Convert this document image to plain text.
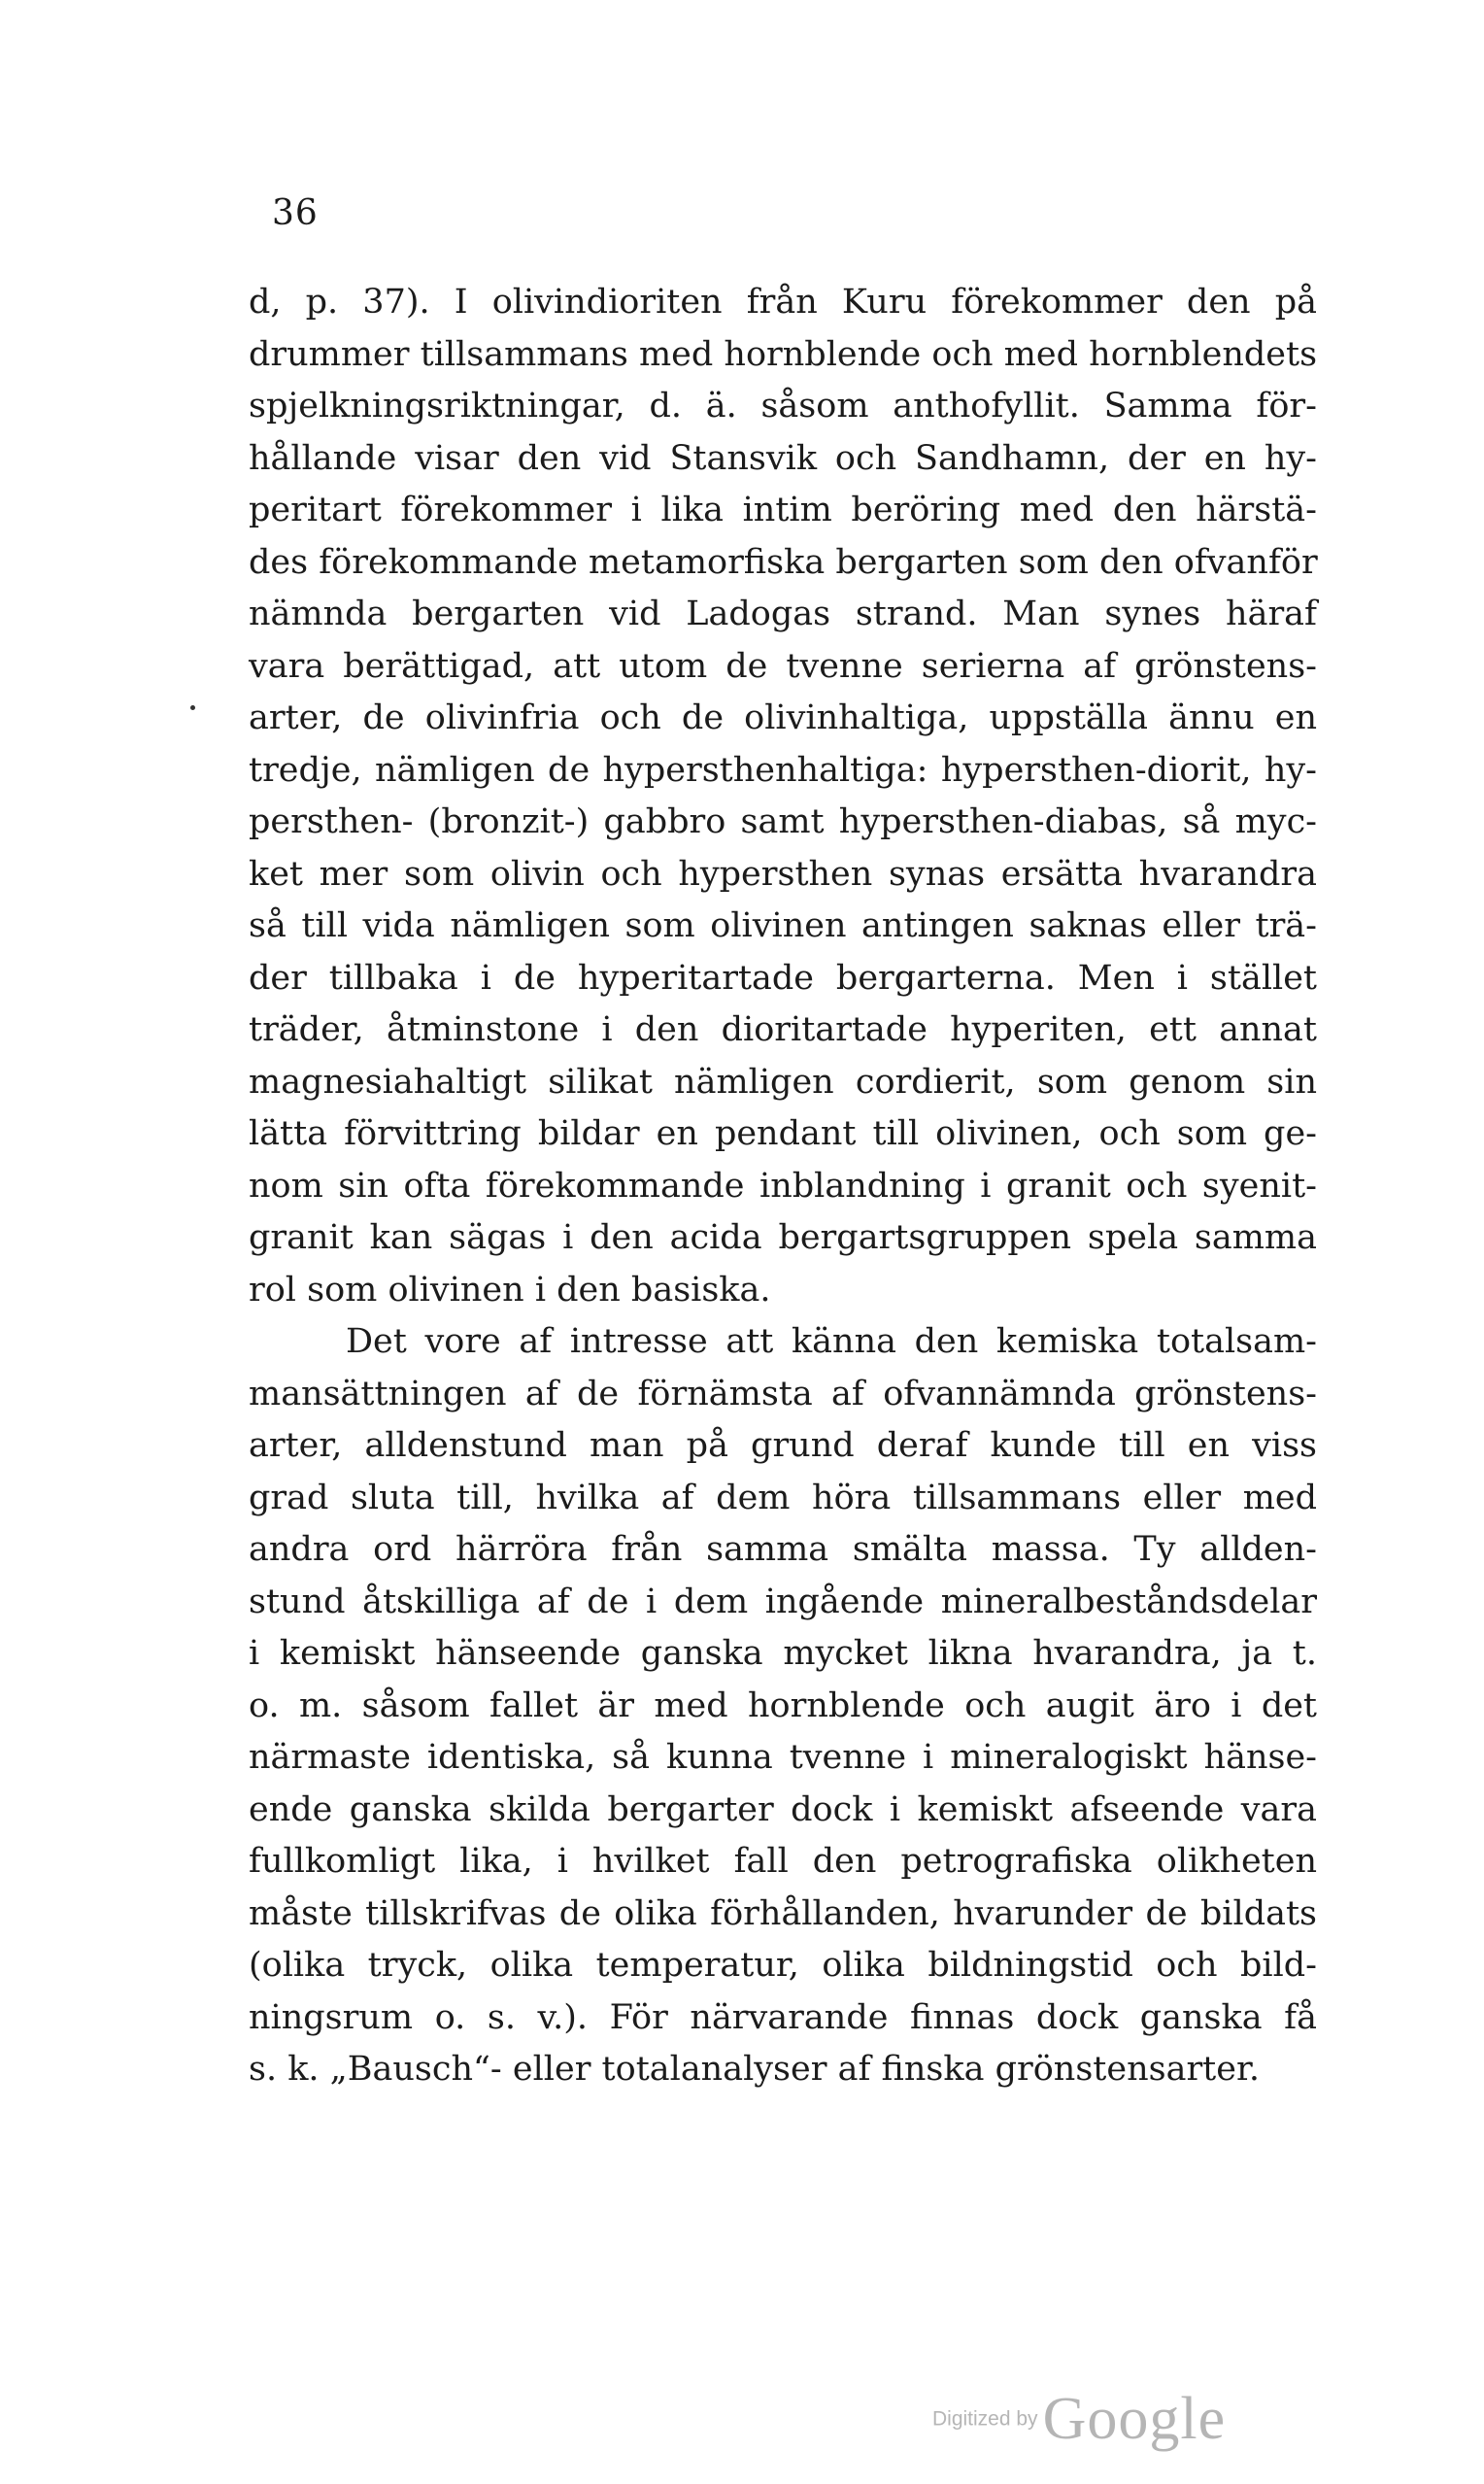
36
d, p. 37). I olivindioriten från Kuru förekommer den på
drummer tillsammans med hornblende och med hornblendets
spjelkningsriktningar, d. ä. såsom anthofyllit. Samma för-
hållande visar den vid Stansvik och Sandhamn, der en hy-
peritart förekommer i lika intim beröring med den härstä-
des förekommande metamorfiska bergarten som den ofvanför
nämnda bergarten vid Ladogas strand. Man synes häraf
vara berättigad, att utom de tvenne serierna af grönstens-
arter, de olivinfria och de olivinhaltiga, uppställa ännu en
tredje, nämligen de hypersthenhaltiga: hypersthen-diorit, hy-
persthen- (bronzit-) gabbro samt hypersthen-diabas, så myc-
ket mer som olivin och hypersthen synas ersätta hvarandra
så till vida nämligen som olivinen antingen saknas eller trä-
der tillbaka i de hyperitartade bergarterna. Men i stället
träder, åtminstone i den dioritartade hyperiten, ett annat
magnesiahaltigt silikat nämligen cordierit, som genom sin
lätta förvittring bildar en pendant till olivinen, och som ge-
nom sin ofta förekommande inblandning i granit och syenit-
granit kan sägas i den acida bergartsgruppen spela samma
rol som olivinen i den basiska.
Det vore af intresse att känna den kemiska totalsam-
mansättningen af de förnämsta af ofvannämnda grönstens-
arter, alldenstund man på grund deraf kunde till en viss
grad sluta till, hvilka af dem höra tillsammans eller med
andra ord härröra från samma smälta massa. Ty allden-
stund åtskilliga af de i dem ingående mineralbeståndsdelar
i kemiskt hänseende ganska mycket likna hvarandra, ja t.
o. m. såsom fallet är med hornblende och augit äro i det
närmaste identiska, så kunna tvenne i mineralogiskt hänse-
ende ganska skilda bergarter dock i kemiskt afseende vara
fullkomligt lika, i hvilket fall den petrografiska olikheten
måste tillskrifvas de olika förhållanden, hvarunder de bildats
(olika tryck, olika temperatur, olika bildningstid och bild-
ningsrum o. s. v.). För närvarande finnas dock ganska få
s. k. „Bausch“- eller totalanalyser af finska grönstensarter.
Digitized by Google
